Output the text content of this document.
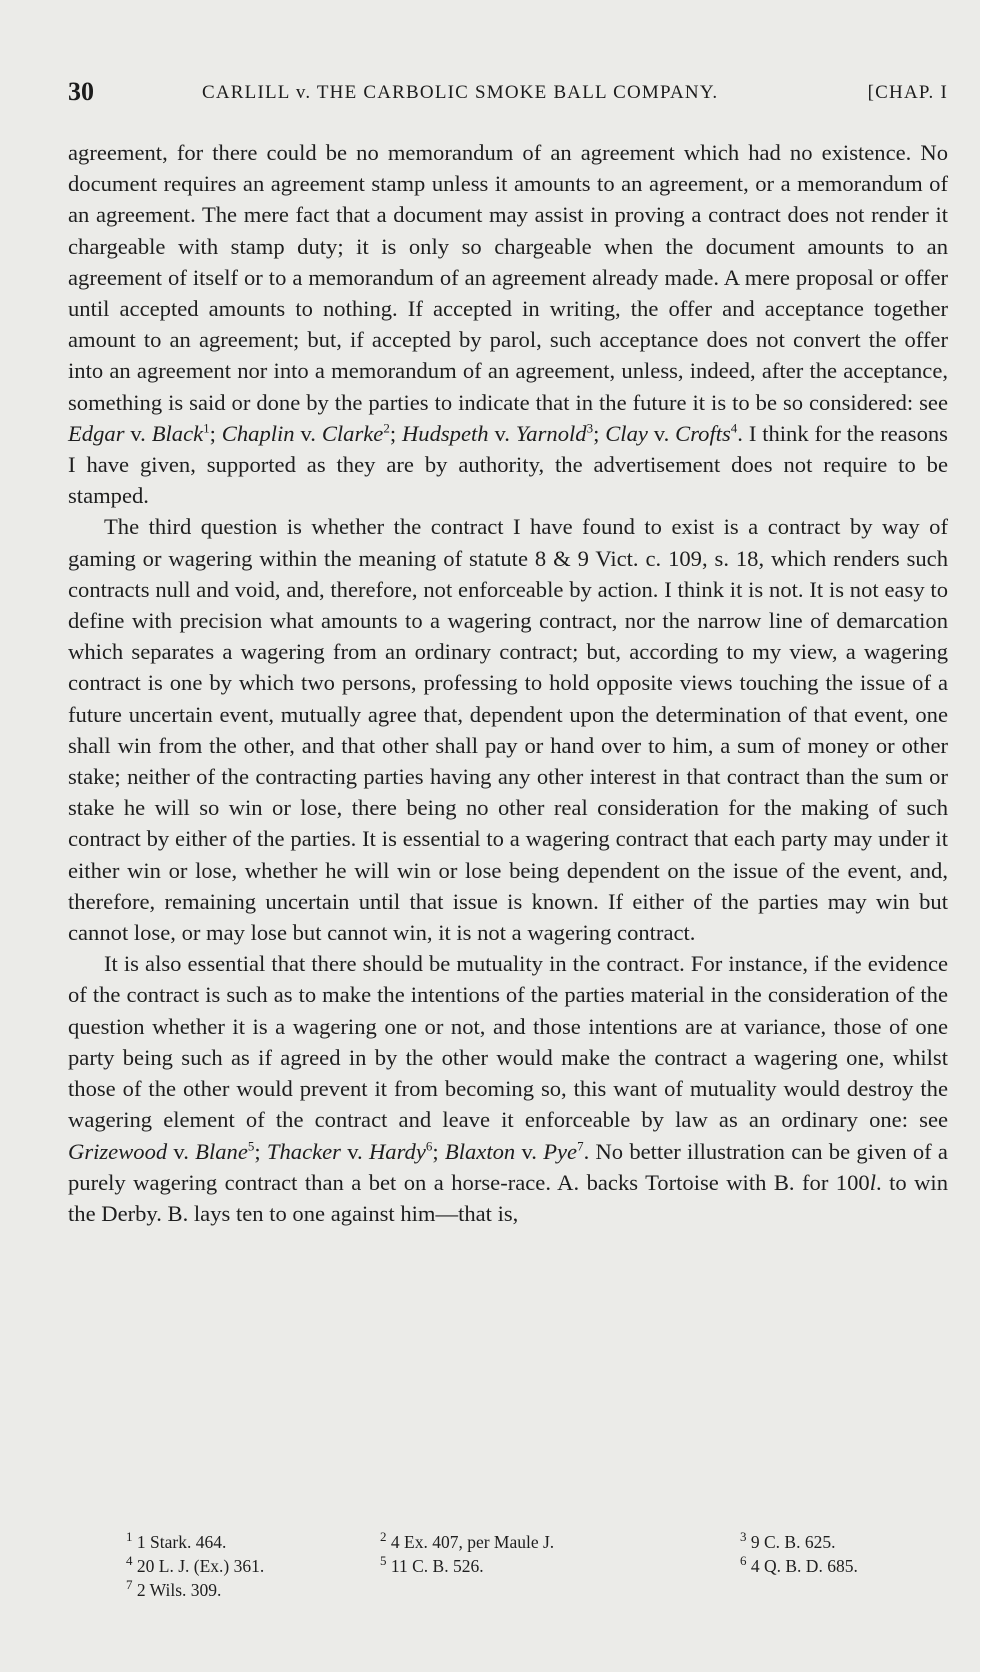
30	CARLILL v. THE CARBOLIC SMOKE BALL COMPANY.	[CHAP. I

agreement, for there could be no memorandum of an agreement which had no existence. No document requires an agreement stamp unless it amounts to an agreement, or a memorandum of an agreement. The mere fact that a document may assist in proving a contract does not render it chargeable with stamp duty; it is only so chargeable when the document amounts to an agreement of itself or to a memorandum of an agreement already made. A mere proposal or offer until accepted amounts to nothing. If accepted in writing, the offer and acceptance together amount to an agreement; but, if accepted by parol, such acceptance does not convert the offer into an agreement nor into a memorandum of an agreement, unless, indeed, after the acceptance, something is said or done by the parties to indicate that in the future it is to be so considered: see Edgar v. Black$^1$; Chaplin v. Clarke$^2$; Hudspeth v. Yarnold$^3$; Clay v. Crofts$^4$. I think for the reasons I have given, supported as they are by authority, the advertisement does not require to be stamped.

The third question is whether the contract I have found to exist is a contract by way of gaming or wagering within the meaning of statute 8 & 9 Vict. c. 109, s. 18, which renders such contracts null and void, and, therefore, not enforceable by action. I think it is not. It is not easy to define with precision what amounts to a wagering contract, nor the narrow line of demarcation which separates a wagering from an ordinary contract; but, according to my view, a wagering contract is one by which two persons, professing to hold opposite views touching the issue of a future uncertain event, mutually agree that, dependent upon the determination of that event, one shall win from the other, and that other shall pay or hand over to him, a sum of money or other stake; neither of the contracting parties having any other interest in that contract than the sum or stake he will so win or lose, there being no other real consideration for the making of such contract by either of the parties. It is essential to a wagering contract that each party may under it either win or lose, whether he will win or lose being dependent on the issue of the event, and, therefore, remaining uncertain until that issue is known. If either of the parties may win but cannot lose, or may lose but cannot win, it is not a wagering contract.

It is also essential that there should be mutuality in the contract. For instance, if the evidence of the contract is such as to make the intentions of the parties material in the consideration of the question whether it is a wagering one or not, and those intentions are at variance, those of one party being such as if agreed in by the other would make the contract a wagering one, whilst those of the other would prevent it from becoming so, this want of mutuality would destroy the wagering element of the contract and leave it enforceable by law as an ordinary one: see Grizewood v. Blane$^5$; Thacker v. Hardy$^6$; Blaxton v. Pye$^7$. No better illustration can be given of a purely wagering contract than a bet on a horse-race. A. backs Tortoise with B. for 100l. to win the Derby. B. lays ten to one against him—that is,

$^1$ 1 Stark. 464.	$^2$ 4 Ex. 407, per Maule J.	$^3$ 9 C. B. 625.
$^4$ 20 L. J. (Ex.) 361.	$^5$ 11 C. B. 526.	$^6$ 4 Q. B. D. 685.
$^7$ 2 Wils. 309.
